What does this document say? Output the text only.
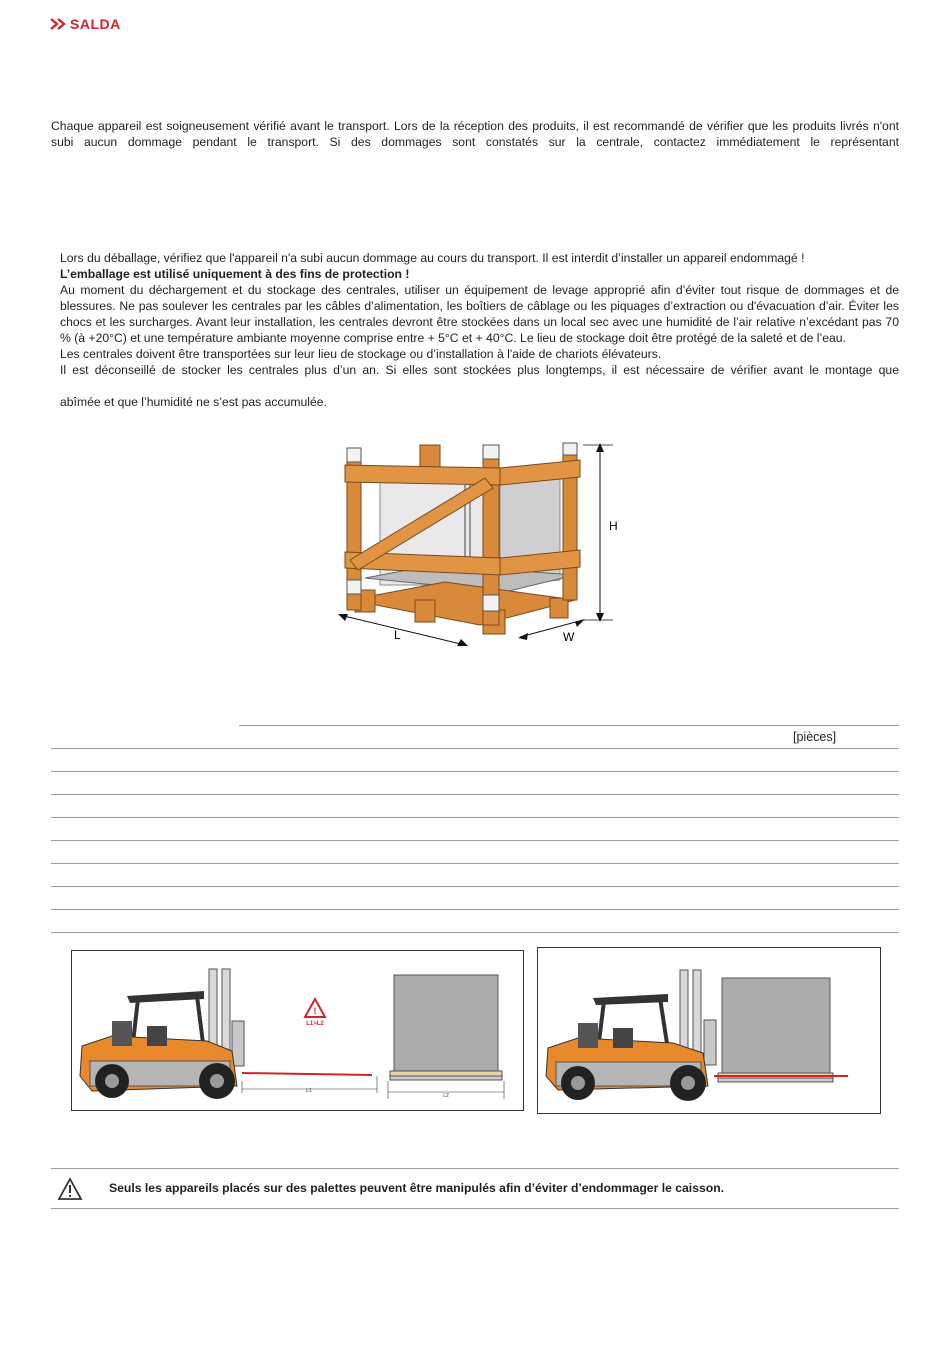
SALDA
Chaque appareil est soigneusement vérifié avant le transport. Lors de la réception des produits, il est recommandé de vérifier que les produits livrés n'ont subi aucun dommage pendant le transport. Si des dommages sont constatés sur la centrale, contactez immédiatement le représentant

Lors du déballage, vérifiez que l'appareil n'a subi aucun dommage au cours du transport. Il est interdit d’installer un appareil endommagé !

L’emballage est utilisé uniquement à des fins de protection !

Au moment du déchargement et du stockage des centrales, utiliser un équipement de levage approprié afin d’éviter tout risque de dommages et de blessures. Ne pas soulever les centrales par les câbles d’alimentation, les boîtiers de câblage ou les piquages d’extraction ou d'évacuation d’air. Éviter les chocs et les surcharges. Avant leur installation, les centrales devront être stockées dans un local sec avec une humidité de l’air relative n’excédant pas 70 % (à +20°C) et une température ambiante moyenne comprise entre + 5°C et + 40°C. Le lieu de stockage doit être protégé de la saleté et de l’eau.

Les centrales doivent être transportées sur leur lieu de stockage ou d’installation à l'aide de chariots élévateurs.

Il est déconseillé de stocker les centrales plus d’un an. Si elles sont stockées plus longtemps, il est nécessaire de vérifier avant le montage que

abîmée et que l’humidité ne s’est pas accumulée.

H
L	W
[pièces]
!
L1>L2
L1
L2
Seuls les appareils placés sur des palettes peuvent être manipulés afin d’éviter d’endommager le caisson.
